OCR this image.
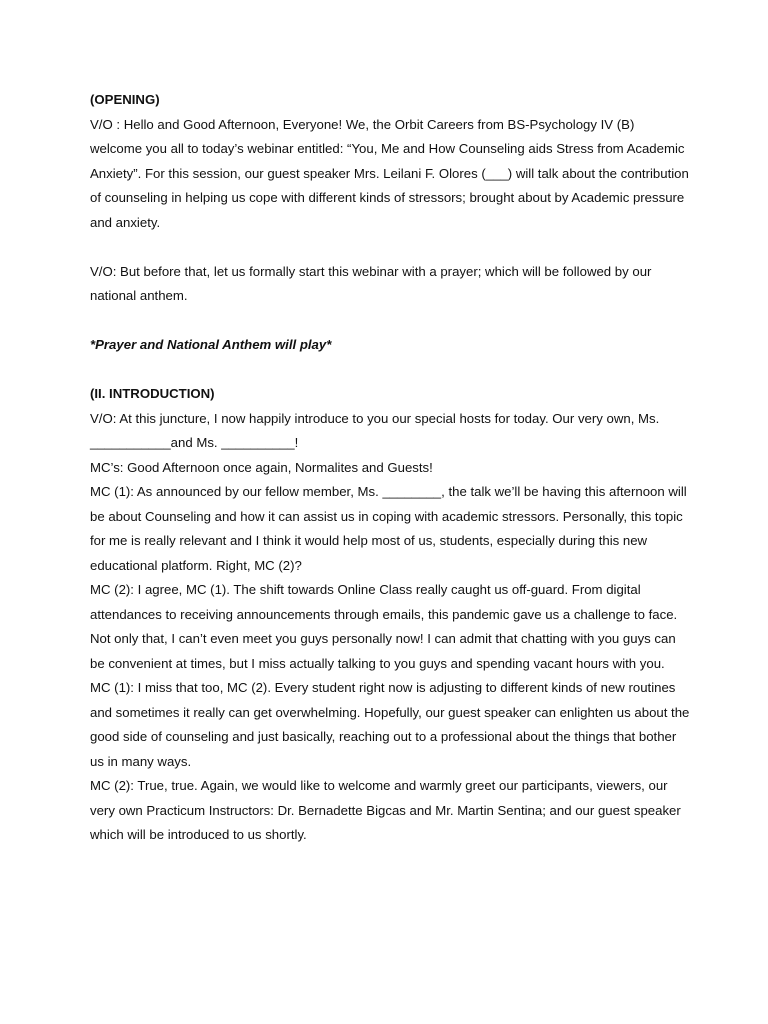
(OPENING)

V/O : Hello and Good Afternoon, Everyone! We, the Orbit Careers from BS-Psychology IV (B) welcome you all to today’s webinar entitled: “You, Me and How Counseling aids Stress from Academic Anxiety”. For this session, our guest speaker Mrs. Leilani F. Olores (___) will talk about the contribution of counseling in helping us cope with different kinds of stressors; brought about by Academic pressure and anxiety.

V/O: But before that, let us formally start this webinar with a prayer; which will be followed by our national anthem.

*Prayer and National Anthem will play*

(II. INTRODUCTION)

V/O: At this juncture, I now happily introduce to you our special hosts for today. Our very own, Ms. ___________and Ms. __________!

MC’s: Good Afternoon once again, Normalites and Guests!

MC (1): As announced by our fellow member, Ms. ________, the talk we’ll be having this afternoon will be about Counseling and how it can assist us in coping with academic stressors. Personally, this topic for me is really relevant and I think it would help most of us, students, especially during this new educational platform. Right, MC (2)?

MC (2): I agree, MC (1). The shift towards Online Class really caught us off-guard. From digital attendances to receiving announcements through emails, this pandemic gave us a challenge to face. Not only that, I can’t even meet you guys personally now! I can admit that chatting with you guys can be convenient at times, but I miss actually talking to you guys and spending vacant hours with you.

MC (1): I miss that too, MC (2). Every student right now is adjusting to different kinds of new routines and sometimes it really can get overwhelming. Hopefully, our guest speaker can enlighten us about the good side of counseling and just basically, reaching out to a professional about the things that bother us in many ways.

MC (2): True, true. Again, we would like to welcome and warmly greet our participants, viewers, our very own Practicum Instructors: Dr. Bernadette Bigcas and Mr. Martin Sentina; and our guest speaker which will be introduced to us shortly.
